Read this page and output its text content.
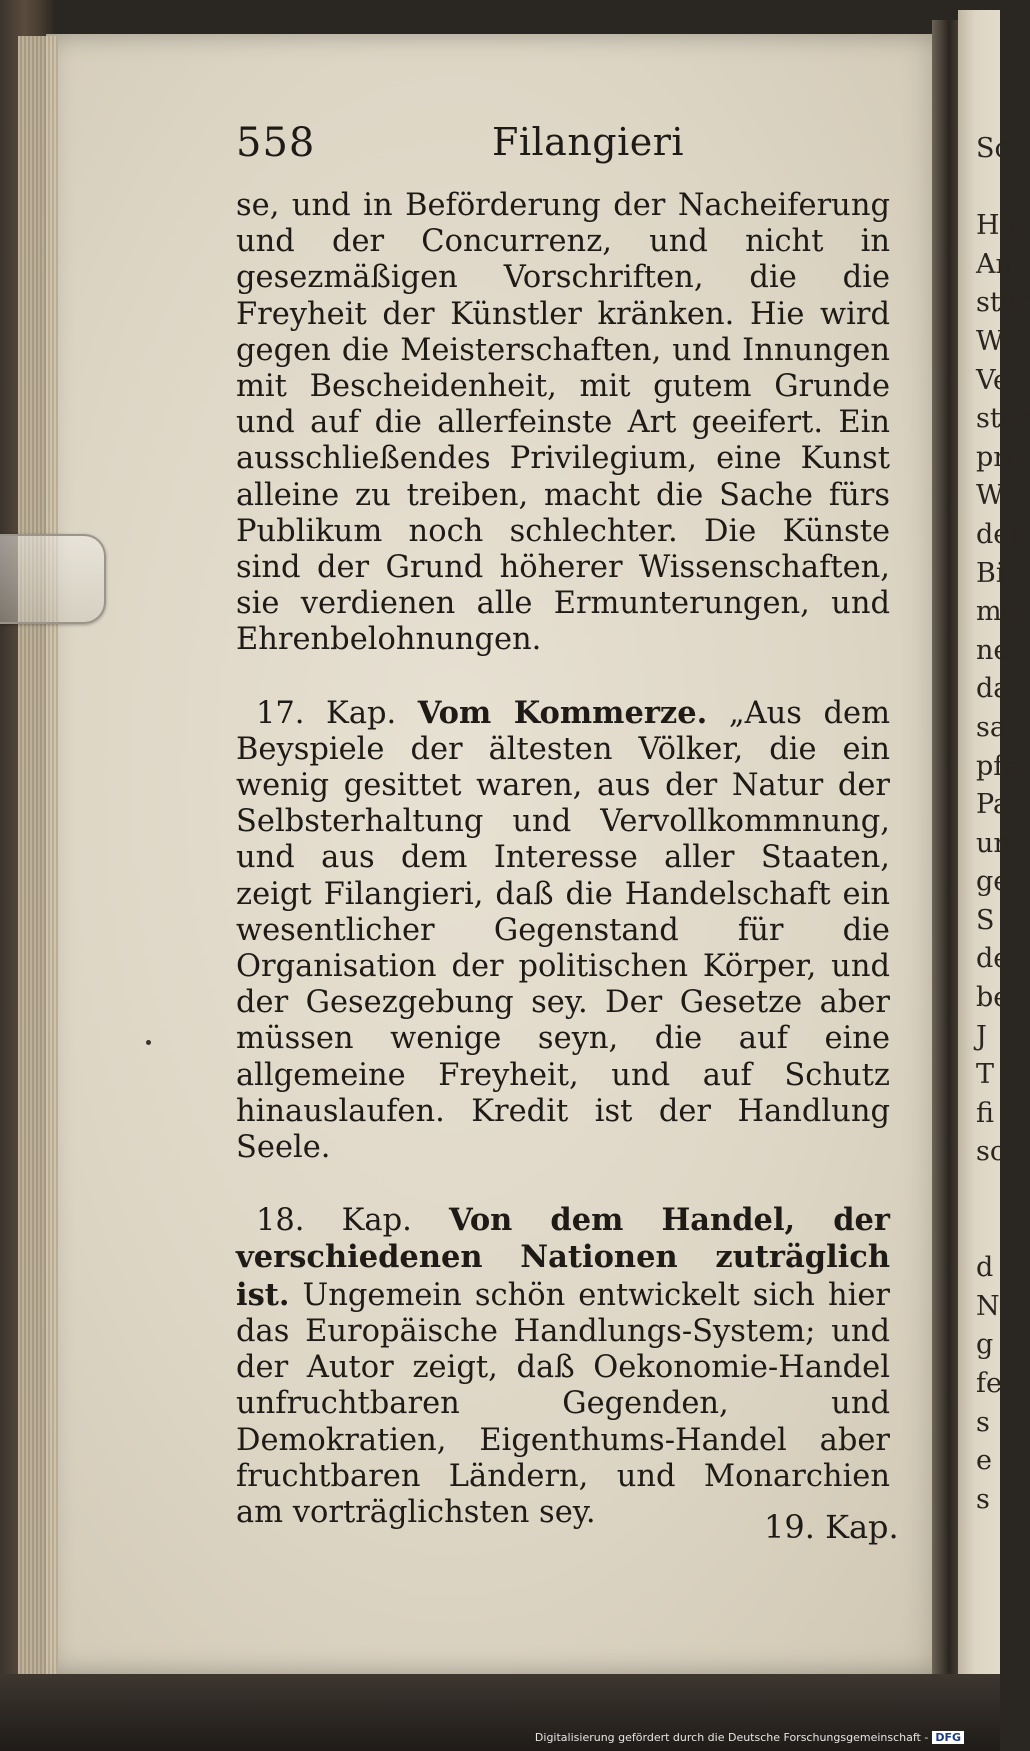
558	Filangieri

se, und in Beförderung der Nacheiferung und der Concurrenz, und nicht in gesezmäßigen Vorschriften, die die Freyheit der Künstler kränken. Hie wird gegen die Meisterschaften, und Innungen mit Bescheidenheit, mit gutem Grunde und auf die allerfeinste Art geeifert. Ein ausschließendes Privilegium, eine Kunst alleine zu treiben, macht die Sache fürs Publikum noch schlechter. Die Künste sind der Grund höherer Wissenschaften, sie verdienen alle Ermunterungen, und Ehrenbelohnungen.

17. Kap. Vom Kommerze. „Aus dem Beyspiele der ältesten Völker, die ein wenig gesittet waren, aus der Natur der Selbsterhaltung und Vervollkommnung, und aus dem Interesse aller Staaten, zeigt Filangieri, daß die Handelschaft ein wesentlicher Gegenstand für die Organisation der politischen Körper, und der Gesezgebung sey. Der Gesetze aber müssen wenige seyn, die auf eine allgemeine Freyheit, und auf Schutz hinauslaufen. Kredit ist der Handlung Seele.

18. Kap. Von dem Handel, der verschiedenen Nationen zuträglich ist. Ungemein schön entwickelt sich hier das Europäische Handlungs-System; und der Autor zeigt, daß Oekonomie-Handel unfruchtbaren Gegenden, und Demokratien, Eigenthums-Handel aber fruchtbaren Ländern, und Monarchien am vorträglichsten sey.	19. Kap.
Sc
Ha
An
ster
W
Ve
ster
pre
W
der
Bi
me
ne
da
sa
pfe
Pa
un
ge
S
de
be
J
T
fi
sc
d
N
g
fe
s
e
s
Digitalisierung gefördert durch die Deutsche Forschungsgemeinschaft - DFG
